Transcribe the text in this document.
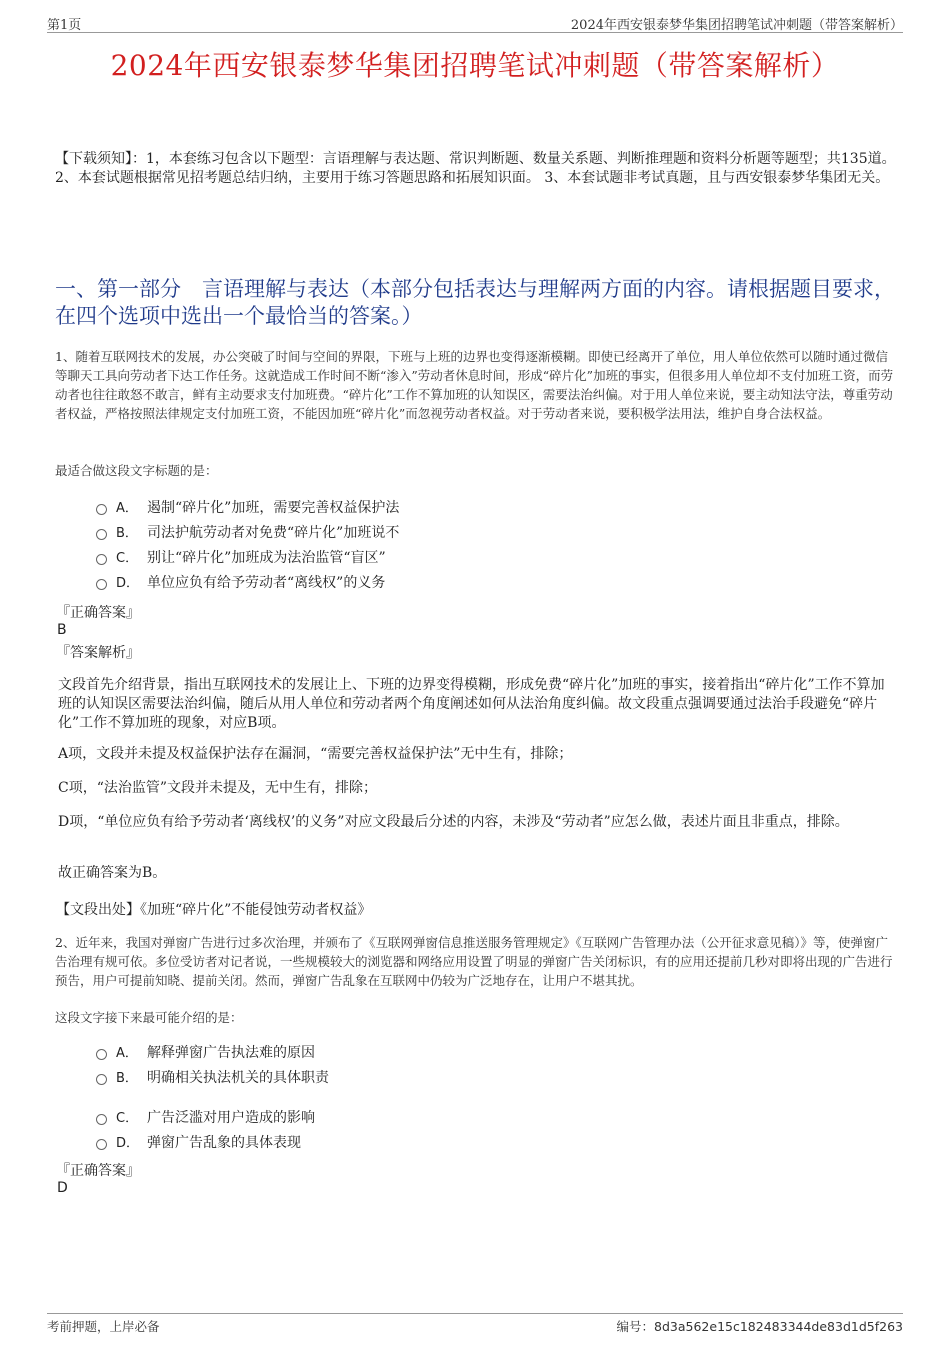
第1页	2024年西安银泰梦华集团招聘笔试冲刺题（带答案解析）
2024年西安银泰梦华集团招聘笔试冲刺题（带答案解析）
【下载须知】：1，本套练习包含以下题型：言语理解与表达题、常识判断题、数量关系题、判断推理题和资料分析题等题型；共135道。 2、本套试题根据常见招考题总结归纳，主要用于练习答题思路和拓展知识面。 3、本套试题非考试真题，且与西安银泰梦华集团无关。
一、第一部分　言语理解与表达（本部分包括表达与理解两方面的内容。请根据题目要求，在四个选项中选出一个最恰当的答案。）
1、随着互联网技术的发展，办公突破了时间与空间的界限，下班与上班的边界也变得逐渐模糊。即使已经离开了单位，用人单位依然可以随时通过微信等聊天工具向劳动者下达工作任务。这就造成工作时间不断“渗入”劳动者休息时间，形成“碎片化”加班的事实，但很多用人单位却不支付加班工资，而劳动者也往往敢怒不敢言，鲜有主动要求支付加班费。“碎片化”工作不算加班的认知误区，需要法治纠偏。对于用人单位来说，要主动知法守法，尊重劳动者权益，严格按照法律规定支付加班工资，不能因加班“碎片化”而忽视劳动者权益。对于劳动者来说，要积极学法用法，维护自身合法权益。
最适合做这段文字标题的是：
A． 遏制“碎片化”加班，需要完善权益保护法
B． 司法护航劳动者对免费“碎片化”加班说不
C． 别让“碎片化”加班成为法治监管“盲区”
D． 单位应负有给予劳动者“离线权”的义务
『正确答案』
B
『答案解析』
文段首先介绍背景，指出互联网技术的发展让上、下班的边界变得模糊，形成免费“碎片化”加班的事实，接着指出“碎片化”工作不算加班的认知误区需要法治纠偏，随后从用人单位和劳动者两个角度阐述如何从法治角度纠偏。故文段重点强调要通过法治手段避免“碎片化”工作不算加班的现象，对应B项。
A项，文段并未提及权益保护法存在漏洞，“需要完善权益保护法”无中生有，排除；
C项，“法治监管”文段并未提及，无中生有，排除；
D项，“单位应负有给予劳动者‘离线权’的义务”对应文段最后分述的内容，未涉及“劳动者”应怎么做，表述片面且非重点，排除。
故正确答案为B。
【文段出处】《加班“碎片化”不能侵蚀劳动者权益》
2、近年来，我国对弹窗广告进行过多次治理，并颁布了《互联网弹窗信息推送服务管理规定》《互联网广告管理办法（公开征求意见稿）》等，使弹窗广告治理有规可依。多位受访者对记者说，一些规模较大的浏览器和网络应用设置了明显的弹窗广告关闭标识，有的应用还提前几秒对即将出现的广告进行预告，用户可提前知晓、提前关闭。然而，弹窗广告乱象在互联网中仍较为广泛地存在，让用户不堪其扰。
这段文字接下来最可能介绍的是：
A． 解释弹窗广告执法难的原因
B． 明确相关执法机关的具体职责
C． 广告泛滥对用户造成的影响
D． 弹窗广告乱象的具体表现
『正确答案』
D
考前押题，上岸必备	编号：8d3a562e15c182483344de83d1d5f263
